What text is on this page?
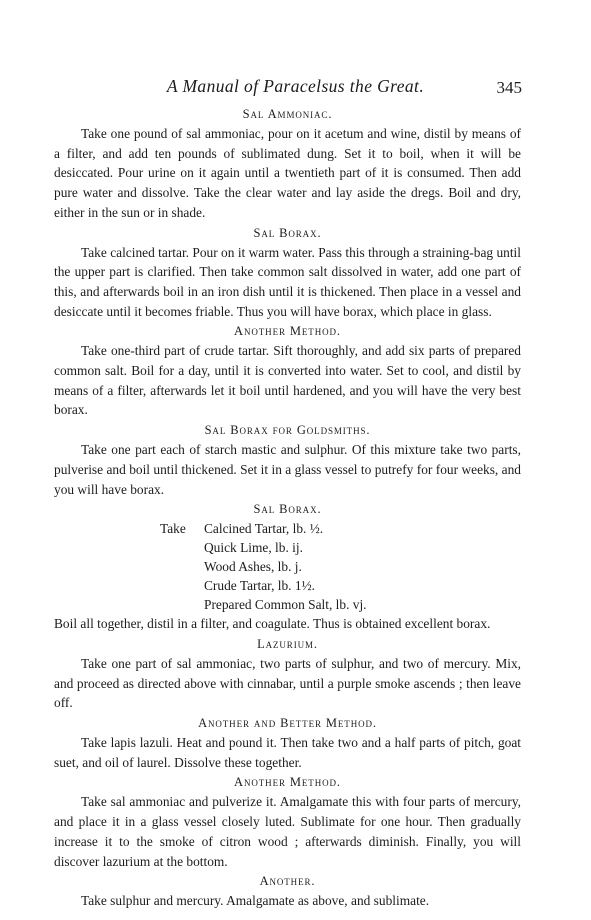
A Manual of Paracelsus the Great.	345
Sal Ammoniac.

Take one pound of sal ammoniac, pour on it acetum and wine, distil by means of a filter, and add ten pounds of sublimated dung. Set it to boil, when it will be desiccated. Pour urine on it again until a twentieth part of it is consumed. Then add pure water and dissolve. Take the clear water and lay aside the dregs. Boil and dry, either in the sun or in shade.

Sal Borax.

Take calcined tartar. Pour on it warm water. Pass this through a straining-bag until the upper part is clarified. Then take common salt dissolved in water, add one part of this, and afterwards boil in an iron dish until it is thickened. Then place in a vessel and desiccate until it becomes friable. Thus you will have borax, which place in glass.

Another Method.

Take one-third part of crude tartar. Sift thoroughly, and add six parts of prepared common salt. Boil for a day, until it is converted into water. Set to cool, and distil by means of a filter, afterwards let it boil until hardened, and you will have the very best borax.

Sal Borax for Goldsmiths.

Take one part each of starch mastic and sulphur. Of this mixture take two parts, pulverise and boil until thickened. Set it in a glass vessel to putrefy for four weeks, and you will have borax.

Sal Borax.
Take Calcined Tartar, lb. ½.
Quick Lime, lb. ij.
Wood Ashes, lb. j.
Crude Tartar, lb. 1½.
Prepared Common Salt, lb. vj.

Boil all together, distil in a filter, and coagulate. Thus is obtained excellent borax.

Lazurium.

Take one part of sal ammoniac, two parts of sulphur, and two of mercury. Mix, and proceed as directed above with cinnabar, until a purple smoke ascends ; then leave off.

Another and Better Method.

Take lapis lazuli. Heat and pound it. Then take two and a half parts of pitch, goat suet, and oil of laurel. Dissolve these together.

Another Method.

Take sal ammoniac and pulverize it. Amalgamate this with four parts of mercury, and place it in a glass vessel closely luted. Sublimate for one hour. Then gradually increase it to the smoke of citron wood ; afterwards diminish. Finally, you will discover lazurium at the bottom.

Another.

Take sulphur and mercury. Amalgamate as above, and sublimate.
